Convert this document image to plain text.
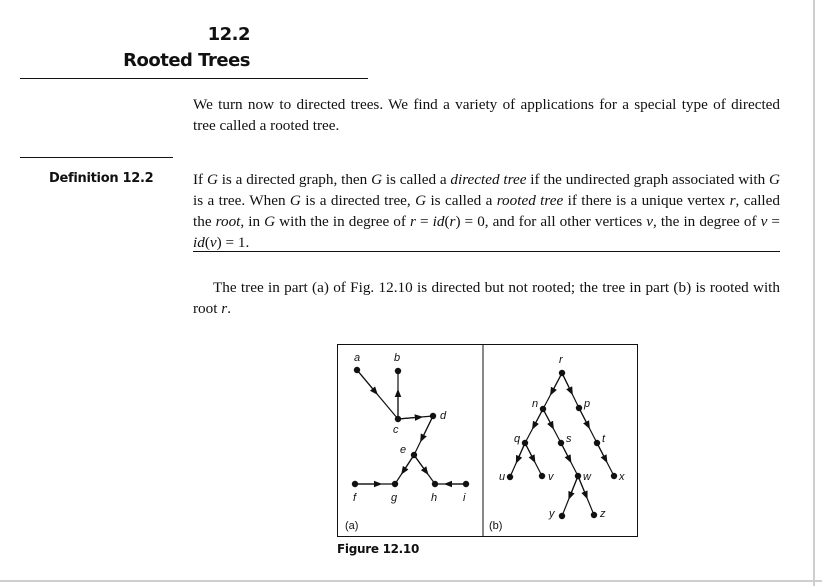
12.2
Rooted Trees

We turn now to directed trees. We find a variety of applications for a special type of directed tree called a rooted tree.

Definition 12.2	If G is a directed graph, then G is called a directed tree if the undirected graph associated with G is a tree. When G is a directed tree, G is called a rooted tree if there is a unique vertex r, called the root, in G with the in degree of r = id(r) = 0, and for all other vertices v, the in degree of v = id(v) = 1.

The tree in part (a) of Fig. 12.10 is directed but not rooted; the tree in part (b) is rooted with root r.

a	b
c
d
e
f	g	h i
(a)
r
n	p
q	s	t
u	v	w	x
y	z
(b)
Figure 12.10
